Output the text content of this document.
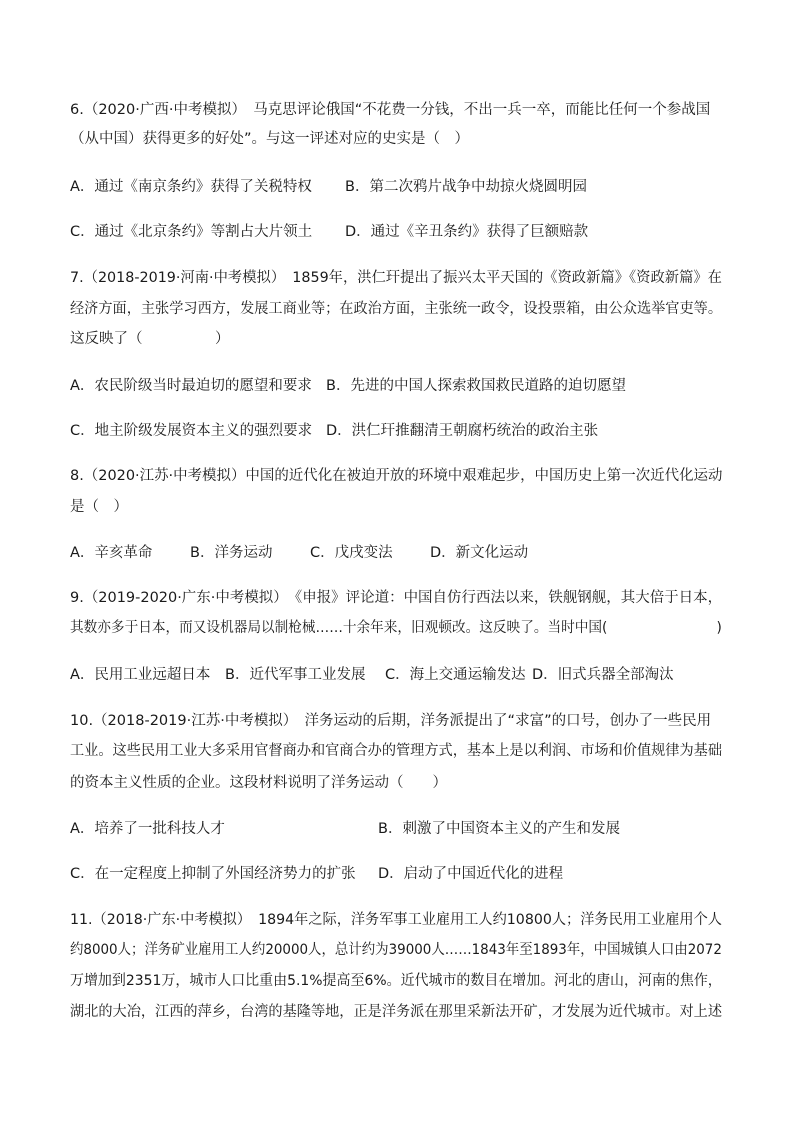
6.（2020·广西·中考模拟）　马克思评论俄国“不花费一分钱，不出一兵一卒，而能比任何一个参战国
（从中国）获得更多的好处”。与这一评述对应的史实是（　）
A．通过《南京条约》获得了关税特权 B．第二次鸦片战争中劫掠火烧圆明园
C．通过《北京条约》等割占大片领土 D．通过《辛丑条约》获得了巨额赔款
7.（2018-2019·河南·中考模拟）　1859年，洪仁玕提出了振兴太平天国的《资政新篇》《资政新篇》在
经济方面，主张学习西方，发展工商业等；在政治方面，主张统一政令，设投票箱，由公众选举官吏等。
这反映了（　　　　　）
A．农民阶级当时最迫切的愿望和要求 B．先进的中国人探索救国救民道路的迫切愿望
C．地主阶级发展资本主义的强烈要求 D．洪仁玕推翻清王朝腐朽统治的政治主张
8.（2020·江苏·中考模拟）中国的近代化在被迫开放的环境中艰难起步，中国历史上第一次近代化运动
是（　）
A．辛亥革命	B．洋务运动	C．戊戌变法	D．新文化运动
9.（2019-2020·广东·中考模拟）　《申报》评论道：中国自仿行西法以来，铁舰钢舰，其大倍于日本，
其数亦多于日本，而又设机器局以制枪械……十余年来，旧观顿改。这反映了。当时中国(　　　　　　　　)
A．民用工业远超日本 B．近代军事工业发展 C．海上交通运输发达 D．旧式兵器全部淘汰
10.（2018-2019·江苏·中考模拟）　洋务运动的后期，洋务派提出了“求富”的口号，创办了一些民用
工业。这些民用工业大多采用官督商办和官商合办的管理方式，基本上是以利润、市场和价值规律为基础
的资本主义性质的企业。这段材料说明了洋务运动（　　）
A．培养了一批科技人才	B．刺激了中国资本主义的产生和发展
C．在一定程度上抑制了外国经济势力的扩张 D．启动了中国近代化的进程
11.（2018·广东·中考模拟）　1894年之际，洋务军事工业雇用工人约10800人；洋务民用工业雇用个人
约8000人；洋务矿业雇用工人约20000人，总计约为39000人……1843年至1893年，中国城镇人口由2072
万增加到2351万，城市人口比重由5.1%提高至6%。近代城市的数目在增加。河北的唐山，河南的焦作，
湖北的大冶，江西的萍乡，台湾的基隆等地，正是洋务派在那里采新法开矿，才发展为近代城市。对上述
